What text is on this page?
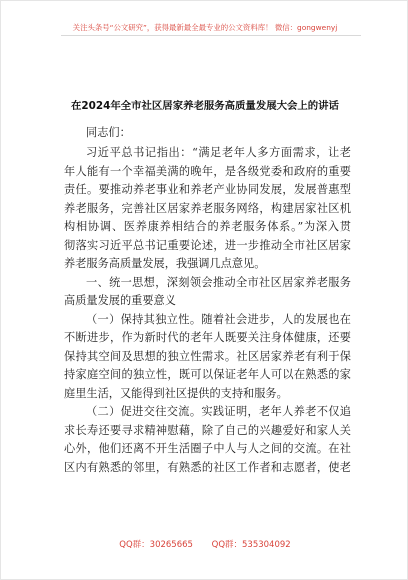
关注头条号“公文研究”，获得最新最全最专业的公文资料库！ 微信：gongwenyj
在2024年全市社区居家养老服务高质量发展大会上的讲话
同志们：
习近平总书记指出：“满足老年人多方面需求，让老
年人能有一个幸福美满的晚年，是各级党委和政府的重要
责任。要推动养老事业和养老产业协同发展，发展普惠型
养老服务，完善社区居家养老服务网络，构建居家社区机
构相协调、医养康养相结合的养老服务体系。”为深入贯
彻落实习近平总书记重要论述，进一步推动全市社区居家
养老服务高质量发展，我强调几点意见。
一、统一思想，深刻领会推动全市社区居家养老服务
高质量发展的重要意义
（一）保持其独立性。随着社会进步，人的发展也在
不断进步，作为新时代的老年人既要关注身体健康，还要
保持其空间及思想的独立性需求。社区居家养老有利于保
持家庭空间的独立性，既可以保证老年人可以在熟悉的家
庭里生活，又能得到社区提供的支持和服务。
（二）促进交往交流。实践证明，老年人养老不仅追
求长寿还要寻求精神慰藉，除了自己的兴趣爱好和家人关
心外，他们还离不开生活圈子中人与人之间的交流。在社
区内有熟悉的邻里，有熟悉的社区工作者和志愿者，使老
QQ群：30265665 QQ群：535304092
